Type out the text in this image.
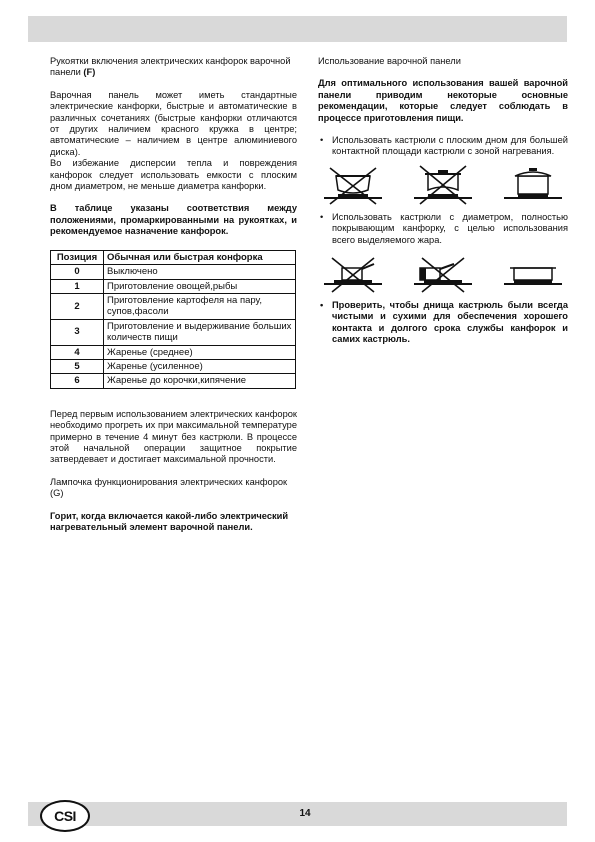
Рукоятки включения электрических канфорок варочной панели (F)

Варочная панель может иметь стандартные электрические канфорки, быстрые и автоматические в различных сочетаниях (быстрые канфорки отличаются от других наличием красного кружка в центре; автоматические – наличием в центре алюминиевого диска).

Во избежание дисперсии тепла и повреждения канфорок следует использовать емкости с плоским дном диаметром, не меньше диаметра канфорки.

В таблице указаны соответствия между положениями, промаркированными на рукоятках, и рекомендуемое назначение канфорок.

Позиция	Обычная или быстрая конфорка
0	Выключено
1	Приготовление овощей,рыбы
2	Приготовление картофеля на пару, супов,фасоли
3	Приготовление и выдерживание больших количеств пищи
4	Жаренье (среднее)
5	Жаренье (усиленное)
6	Жаренье до корочки,кипячение

Перед первым использованием электрических канфорок необходимо прогреть их при максимальной температуре примерно в течение 4 минут без кастрюли. В процессе этой начальной операции защитное покрытие затвердевает и достигает максимальной прочности.

Лампочка функционирования электрических канфорок (G)

Горит, когда включается какой-либо электрический нагревательный элемент варочной панели.

Использование варочной панели

Для оптимального использования вашей варочной панели приводим некоторые основные рекомендации, которые следует соблюдать в процессе приготовления пищи.

• Использовать кастрюли с плоским дном для большей контактной площади кастрюли с зоной нагревания.
• Использовать кастрюли с диаметром, полностью покрывающим канфорку, с целью использования всего выделяемого жара.
• Проверить, чтобы днища кастрюль были всегда чистыми и сухими для обеспечения хорошего контакта и долгого срока службы канфорок и самих кастрюль.
CSI	14
